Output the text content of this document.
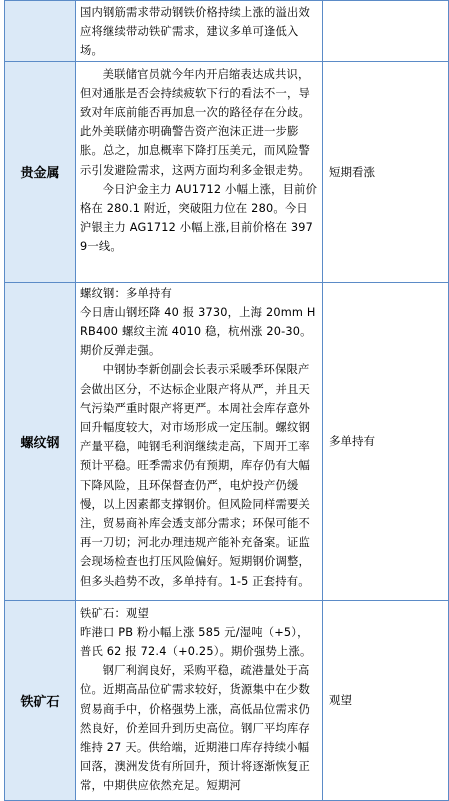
	国内钢筋需求带动钢铁价格持续上涨的溢出效应将继续带动铁矿需求，建议多单可逢低入场。	

贵金属	美联储官员就今年内开启缩表达成共识，但对通胀是否会持续疲软下行的看法不一，导致对年底前能否再加息一次的路径存在分歧。此外美联储亦明确警告资产泡沫正进一步膨胀。总之，加息概率下降打压美元，而风险警示引发避险需求，这两方面均利多金银走势。

今日沪金主力 AU1712 小幅上涨，目前价格在 280.1 附近，突破阻力位在 280。今日沪银主力 AG1712 小幅上涨,目前价格在 3979一线。	短期看涨
螺纹钢	螺纹钢：多单持有

今日唐山钢坯降 40 报 3730，上海 20mm HRB400 螺纹主流 4010 稳，杭州涨 20-30。期价反弹走强。

中钢协李新创副会长表示采暖季环保限产会做出区分，不达标企业限产将从严，并且天气污染严重时限产将更严。本周社会库存意外回升幅度较大，对市场形成一定压制。螺纹钢产量平稳，吨钢毛利润继续走高，下周开工率预计平稳。旺季需求仍有预期，库存仍有大幅下降风险，且环保督查仍严，电炉投产仍缓慢，以上因素都支撑钢价。但风险同样需要关注，贸易商补库会透支部分需求；环保可能不再一刀切；河北办理违规产能补充备案。证监会现场检查也打压风险偏好。短期钢价调整，但多头趋势不改，多单持有。1-5 正套持有。	多单持有
铁矿石	铁矿石：观望

昨港口 PB 粉小幅上涨 585 元/湿吨（+5），普氏 62 报 72.4（+0.25）。期价强势上涨。

钢厂利润良好，采购平稳，疏港量处于高位。近期高品位矿需求较好，货源集中在少数贸易商手中，价格强势上涨，高低品位需求仍然良好，价差回升到历史高位。钢厂平均库存维持 27 天。供给端，近期港口库存持续小幅回落，澳洲发货有所回升，预计将逐渐恢复正常，中期供应依然充足。短期河	观望
